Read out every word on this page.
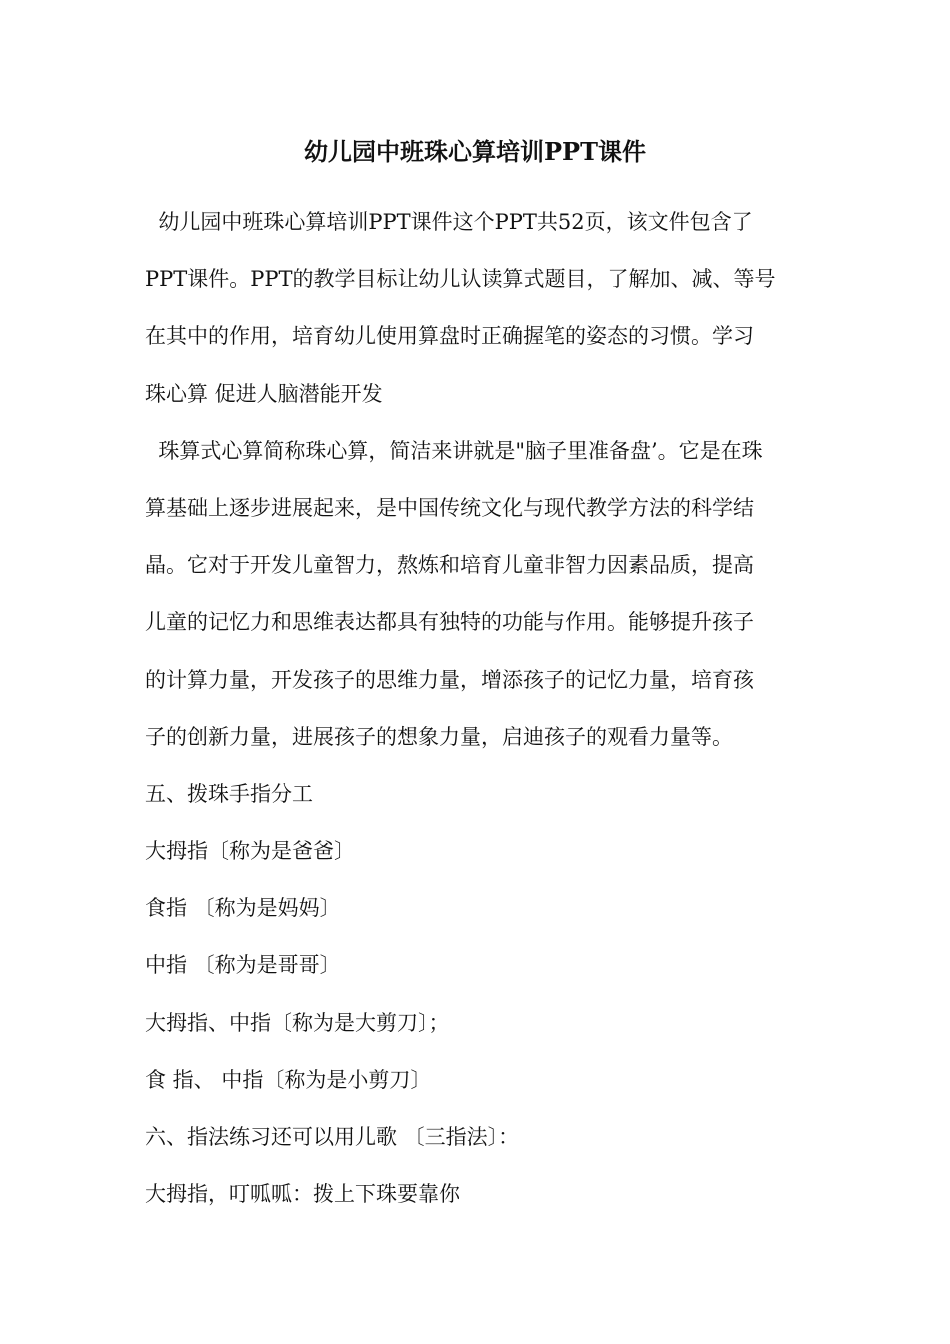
幼儿园中班珠心算培训PPT课件
幼儿园中班珠心算培训PPT课件这个PPT共52页，该文件包含了
PPT课件。PPT的教学目标让幼儿认读算式题目，了解加、减、等号
在其中的作用，培育幼儿使用算盘时正确握笔的姿态的习惯。学习
珠心算 促进人脑潜能开发
珠算式心算简称珠心算，简洁来讲就是"脑子里准备盘’。它是在珠
算基础上逐步进展起来，是中国传统文化与现代教学方法的科学结
晶。它对于开发儿童智力，熬炼和培育儿童非智力因素品质，提高
儿童的记忆力和思维表达都具有独特的功能与作用。能够提升孩子
的计算力量，开发孩子的思维力量，增添孩子的记忆力量，培育孩
子的创新力量，进展孩子的想象力量，启迪孩子的观看力量等。
五、拨珠手指分工
大拇指〔称为是爸爸〕
食指 〔称为是妈妈〕
中指 〔称为是哥哥〕
大拇指、中指〔称为是大剪刀〕；
食 指、 中指〔称为是小剪刀〕
六、指法练习还可以用儿歌 〔三指法〕：
大拇指，叮呱呱：拨上下珠要靠你
